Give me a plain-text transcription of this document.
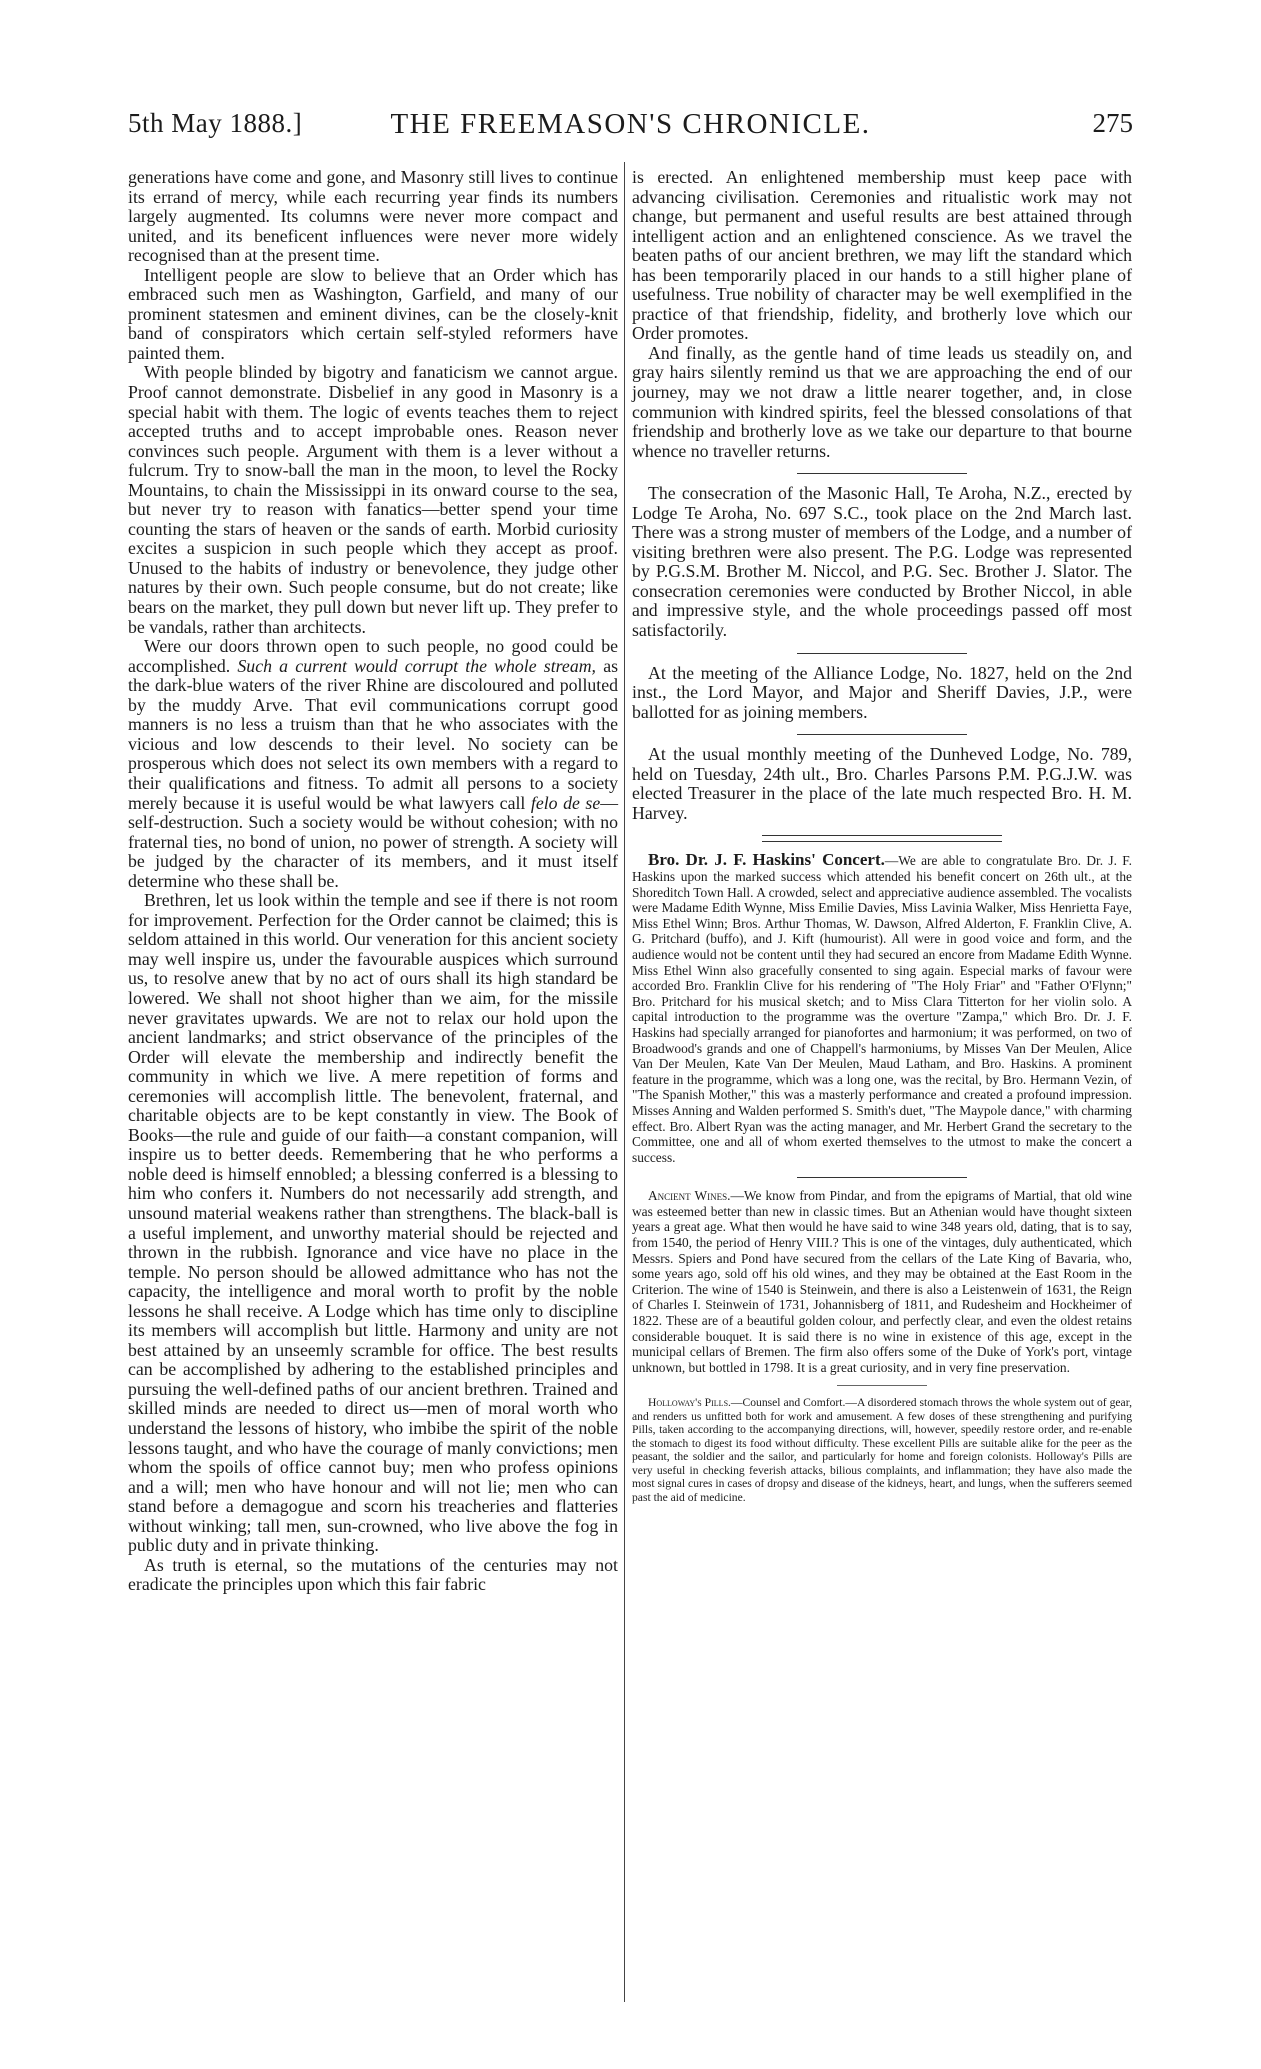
5th May 1888.]	THE FREEMASON'S CHRONICLE.	275

generations have come and gone, and Masonry still lives to continue its errand of mercy, while each recurring year finds its numbers largely augmented. Its columns were never more compact and united, and its beneficent influences were never more widely recognised than at the present time.

Intelligent people are slow to believe that an Order which has embraced such men as Washington, Garfield, and many of our prominent statesmen and eminent divines, can be the closely-knit band of conspirators which certain self-styled reformers have painted them.

With people blinded by bigotry and fanaticism we cannot argue. Proof cannot demonstrate. Disbelief in any good in Masonry is a special habit with them. The logic of events teaches them to reject accepted truths and to accept improbable ones. Reason never convinces such people. Argument with them is a lever without a fulcrum. Try to snow-ball the man in the moon, to level the Rocky Mountains, to chain the Mississippi in its onward course to the sea, but never try to reason with fanatics—better spend your time counting the stars of heaven or the sands of earth. Morbid curiosity excites a suspicion in such people which they accept as proof. Unused to the habits of industry or benevolence, they judge other natures by their own. Such people consume, but do not create; like bears on the market, they pull down but never lift up. They prefer to be vandals, rather than architects.

Were our doors thrown open to such people, no good could be accomplished. Such a current would corrupt the whole stream, as the dark-blue waters of the river Rhine are discoloured and polluted by the muddy Arve. That evil communications corrupt good manners is no less a truism than that he who associates with the vicious and low descends to their level. No society can be prosperous which does not select its own members with a regard to their qualifications and fitness. To admit all persons to a society merely because it is useful would be what lawyers call felo de se—self-destruction. Such a society would be without cohesion; with no fraternal ties, no bond of union, no power of strength. A society will be judged by the character of its members, and it must itself determine who these shall be.

Brethren, let us look within the temple and see if there is not room for improvement. Perfection for the Order cannot be claimed; this is seldom attained in this world. Our veneration for this ancient society may well inspire us, under the favourable auspices which surround us, to resolve anew that by no act of ours shall its high standard be lowered. We shall not shoot higher than we aim, for the missile never gravitates upwards. We are not to relax our hold upon the ancient landmarks; and strict observance of the principles of the Order will elevate the membership and indirectly benefit the community in which we live. A mere repetition of forms and ceremonies will accomplish little. The benevolent, fraternal, and charitable objects are to be kept constantly in view. The Book of Books—the rule and guide of our faith—a constant companion, will inspire us to better deeds. Remembering that he who performs a noble deed is himself ennobled; a blessing conferred is a blessing to him who confers it. Numbers do not necessarily add strength, and unsound material weakens rather than strengthens. The black-ball is a useful implement, and unworthy material should be rejected and thrown in the rubbish. Ignorance and vice have no place in the temple. No person should be allowed admittance who has not the capacity, the intelligence and moral worth to profit by the noble lessons he shall receive. A Lodge which has time only to discipline its members will accomplish but little. Harmony and unity are not best attained by an unseemly scramble for office. The best results can be accomplished by adhering to the established principles and pursuing the well-defined paths of our ancient brethren. Trained and skilled minds are needed to direct us—men of moral worth who understand the lessons of history, who imbibe the spirit of the noble lessons taught, and who have the courage of manly convictions; men whom the spoils of office cannot buy; men who profess opinions and a will; men who have honour and will not lie; men who can stand before a demagogue and scorn his treacheries and flatteries without winking; tall men, sun-crowned, who live above the fog in public duty and in private thinking.

As truth is eternal, so the mutations of the centuries may not eradicate the principles upon which this fair fabric

is erected. An enlightened membership must keep pace with advancing civilisation. Ceremonies and ritualistic work may not change, but permanent and useful results are best attained through intelligent action and an enlightened conscience. As we travel the beaten paths of our ancient brethren, we may lift the standard which has been temporarily placed in our hands to a still higher plane of usefulness. True nobility of character may be well exemplified in the practice of that friendship, fidelity, and brotherly love which our Order promotes.

And finally, as the gentle hand of time leads us steadily on, and gray hairs silently remind us that we are approaching the end of our journey, may we not draw a little nearer together, and, in close communion with kindred spirits, feel the blessed consolations of that friendship and brotherly love as we take our departure to that bourne whence no traveller returns.

The consecration of the Masonic Hall, Te Aroha, N.Z., erected by Lodge Te Aroha, No. 697 S.C., took place on the 2nd March last. There was a strong muster of members of the Lodge, and a number of visiting brethren were also present. The P.G. Lodge was represented by P.G.S.M. Brother M. Niccol, and P.G. Sec. Brother J. Slator. The consecration ceremonies were conducted by Brother Niccol, in able and impressive style, and the whole proceedings passed off most satisfactorily.

At the meeting of the Alliance Lodge, No. 1827, held on the 2nd inst., the Lord Mayor, and Major and Sheriff Davies, J.P., were ballotted for as joining members.

At the usual monthly meeting of the Dunheved Lodge, No. 789, held on Tuesday, 24th ult., Bro. Charles Parsons P.M. P.G.J.W. was elected Treasurer in the place of the late much respected Bro. H. M. Harvey.

Bro. Dr. J. F. Haskins' Concert.—We are able to congratulate Bro. Dr. J. F. Haskins upon the marked success which attended his benefit concert on 26th ult., at the Shoreditch Town Hall. A crowded, select and appreciative audience assembled. The vocalists were Madame Edith Wynne, Miss Emilie Davies, Miss Lavinia Walker, Miss Henrietta Faye, Miss Ethel Winn; Bros. Arthur Thomas, W. Dawson, Alfred Alderton, F. Franklin Clive, A. G. Pritchard (buffo), and J. Kift (humourist). All were in good voice and form, and the audience would not be content until they had secured an encore from Madame Edith Wynne. Miss Ethel Winn also gracefully consented to sing again. Especial marks of favour were accorded Bro. Franklin Clive for his rendering of "The Holy Friar" and "Father O'Flynn;" Bro. Pritchard for his musical sketch; and to Miss Clara Titterton for her violin solo. A capital introduction to the programme was the overture "Zampa," which Bro. Dr. J. F. Haskins had specially arranged for pianofortes and harmonium; it was performed, on two of Broadwood's grands and one of Chappell's harmoniums, by Misses Van Der Meulen, Alice Van Der Meulen, Kate Van Der Meulen, Maud Latham, and Bro. Haskins. A prominent feature in the programme, which was a long one, was the recital, by Bro. Hermann Vezin, of "The Spanish Mother," this was a masterly performance and created a profound impression. Misses Anning and Walden performed S. Smith's duet, "The Maypole dance," with charming effect. Bro. Albert Ryan was the acting manager, and Mr. Herbert Grand the secretary to the Committee, one and all of whom exerted themselves to the utmost to make the concert a success.

Ancient Wines.—We know from Pindar, and from the epigrams of Martial, that old wine was esteemed better than new in classic times. But an Athenian would have thought sixteen years a great age. What then would he have said to wine 348 years old, dating, that is to say, from 1540, the period of Henry VIII.? This is one of the vintages, duly authenticated, which Messrs. Spiers and Pond have secured from the cellars of the Late King of Bavaria, who, some years ago, sold off his old wines, and they may be obtained at the East Room in the Criterion. The wine of 1540 is Steinwein, and there is also a Leistenwein of 1631, the Reign of Charles I. Steinwein of 1731, Johannisberg of 1811, and Rudesheim and Hockheimer of 1822. These are of a beautiful golden colour, and perfectly clear, and even the oldest retains considerable bouquet. It is said there is no wine in existence of this age, except in the municipal cellars of Bremen. The firm also offers some of the Duke of York's port, vintage unknown, but bottled in 1798. It is a great curiosity, and in very fine preservation.

Holloway's Pills.—Counsel and Comfort.—A disordered stomach throws the whole system out of gear, and renders us unfitted both for work and amusement. A few doses of these strengthening and purifying Pills, taken according to the accompanying directions, will, however, speedily restore order, and re-enable the stomach to digest its food without difficulty. These excellent Pills are suitable alike for the peer as the peasant, the soldier and the sailor, and particularly for home and foreign colonists. Holloway's Pills are very useful in checking feverish attacks, bilious complaints, and inflammation; they have also made the most signal cures in cases of dropsy and disease of the kidneys, heart, and lungs, when the sufferers seemed past the aid of medicine.
